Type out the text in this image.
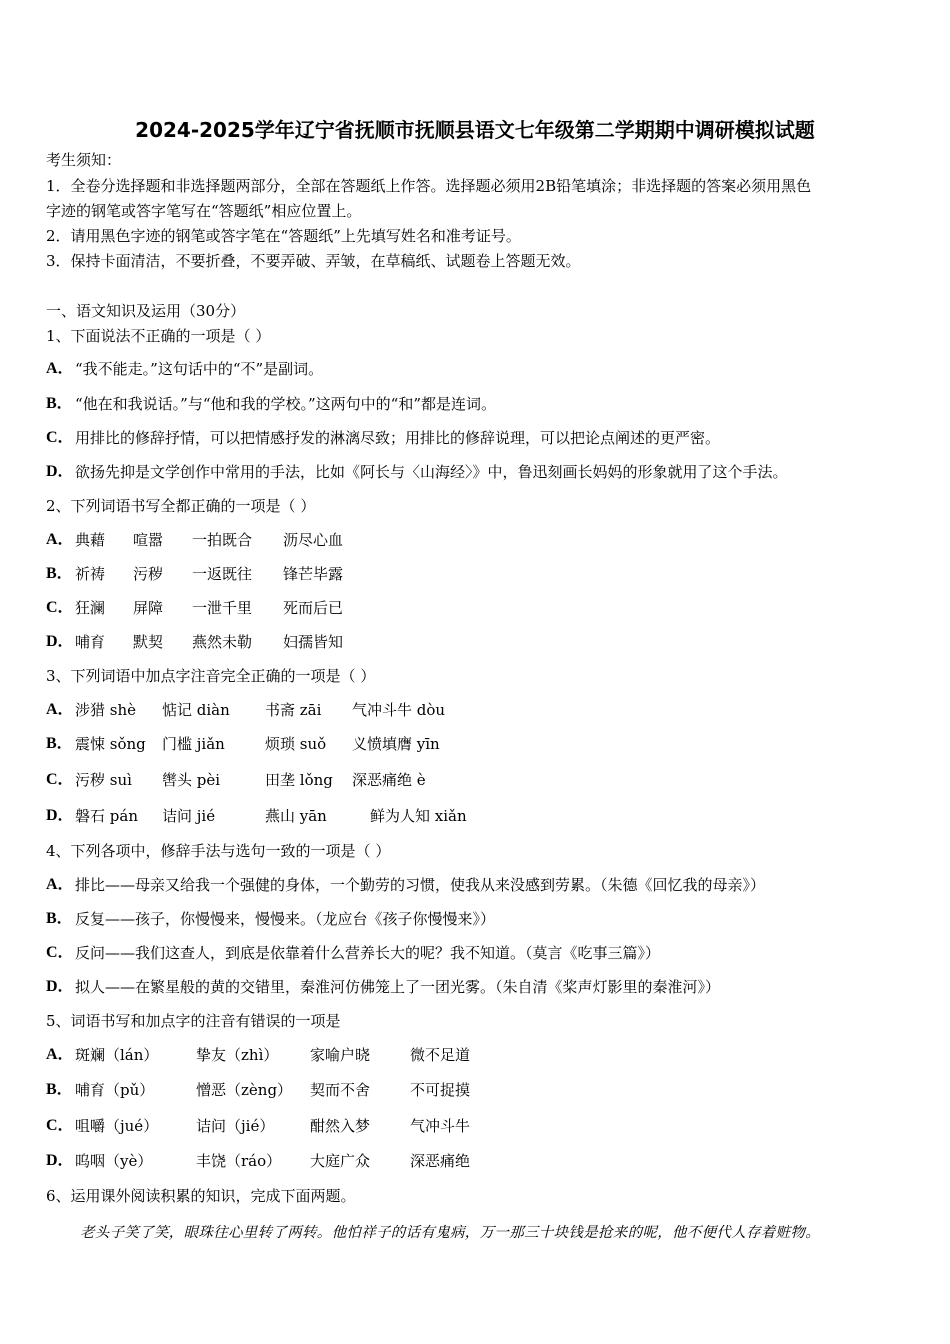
2024-2025学年辽宁省抚顺市抚顺县语文七年级第二学期期中调研模拟试题
考生须知：
1．全卷分选择题和非选择题两部分，全部在答题纸上作答。选择题必须用2B铅笔填涂；非选择题的答案必须用黑色
字迹的钢笔或答字笔写在“答题纸”相应位置上。
2．请用黑色字迹的钢笔或答字笔在“答题纸”上先填写姓名和准考证号。
3．保持卡面清洁，不要折叠，不要弄破、弄皱，在草稿纸、试题卷上答题无效。
一、语文知识及运用（30分）
1、下面说法不正确的一项是（ ）
A． “我不能走。”这句话中的“不”是副词。
B． “他在和我说话。”与“他和我的学校。”这两句中的“和”都是连词。
C． 用排比的修辞抒情，可以把情感抒发的淋漓尽致；用排比的修辞说理，可以把论点阐述的更严密。
D． 欲扬先抑是文学创作中常用的手法，比如《阿长与〈山海经〉》中，鲁迅刻画长妈妈的形象就用了这个手法。
2、下列词语书写全都正确的一项是（ ）
A． 典藉 喧嚣 一拍既合 沥尽心血
B． 祈祷 污秽 一返既往 锋芒毕露
C． 狂澜 屏障 一泄千里 死而后已
D． 哺育 默契 燕然未勒 妇孺皆知
3、下列词语中加点字注音完全正确的一项是（ ）
A． 涉猎 shè 惦记 diàn 书斋 zāi 气冲斗牛 dòu
B． 震悚 sǒng 门槛 jiǎn	烦琐 suǒ 义愤填膺 yīn
C． 污秽 suì 辔头 pèi	田垄 lǒng 深恶痛绝 è
D． 磐石 pán 诘问 jié	燕山 yān	鲜为人知 xiǎn
4、下列各项中，修辞手法与选句一致的一项是（ ）
A． 排比——母亲又给我一个强健的身体，一个勤劳的习惯，使我从来没感到劳累。（朱德《回忆我的母亲》）
B． 反复——孩子，你慢慢来，慢慢来。（龙应台《孩子你慢慢来》）
C． 反问——我们这查人，到底是依靠着什么营养长大的呢？我不知道。（莫言《吃事三篇》）
D． 拟人——在繁星般的黄的交错里，秦淮河仿佛笼上了一团光雾。（朱自清《桨声灯影里的秦淮河》）
5、词语书写和加点字的注音有错误的一项是
A． 斑斓（lán）	挚友（zhì） 家喻户晓	微不足道
B． 哺育（pǔ）	憎恶（zèng） 契而不舍	不可捉摸
C． 咀嚼（jué）	诘问（jié） 酣然入梦	气冲斗牛
D． 呜咽（yè）	丰饶（ráo） 大庭广众	深恶痛绝
6、运用课外阅读积累的知识，完成下面两题。
老头子笑了笑，眼珠往心里转了两转。他怕祥子的话有鬼病，万一那三十块钱是抢来的呢，他不便代人存着赃物。
